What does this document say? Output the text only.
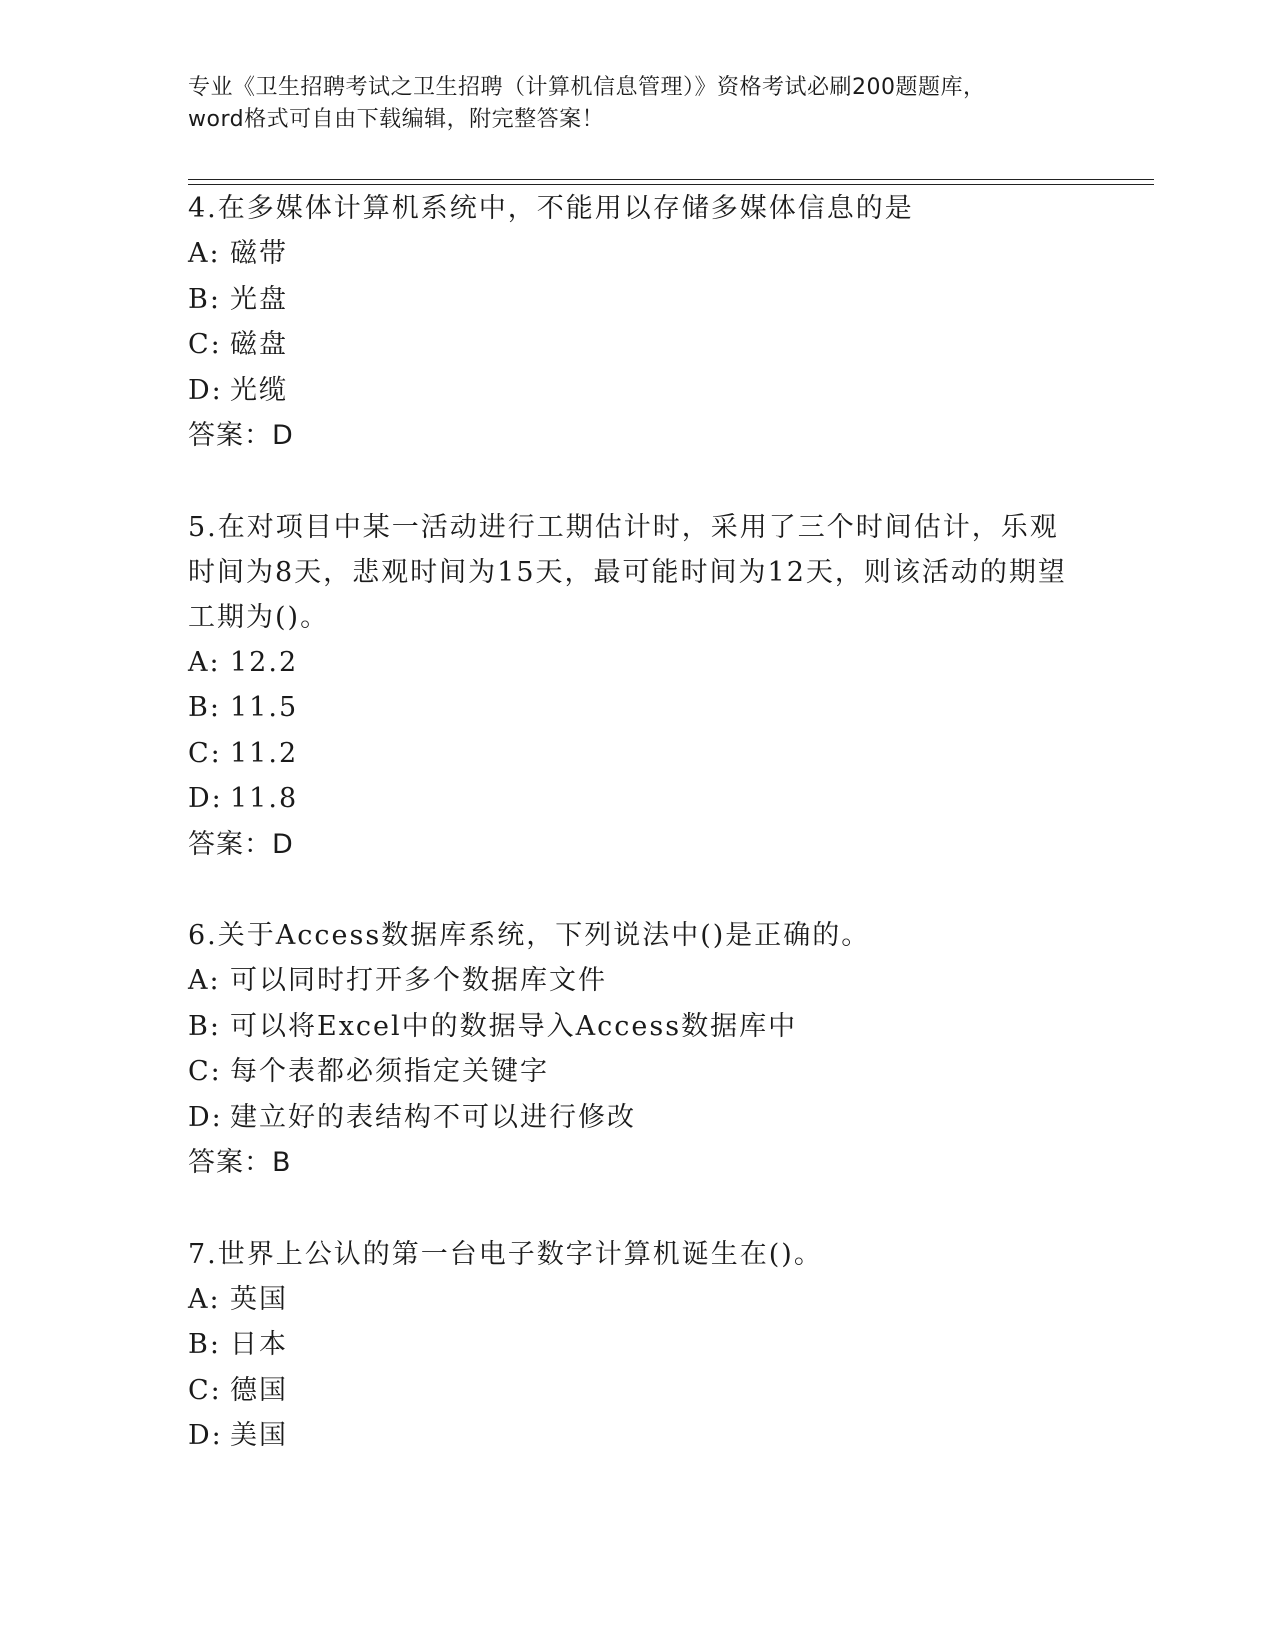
专业《卫生招聘考试之卫生招聘（计算机信息管理）》资格考试必刷200题题库，
word格式可自由下载编辑，附完整答案！
4.在多媒体计算机系统中，不能用以存储多媒体信息的是
A: 磁带
B: 光盘
C: 磁盘
D: 光缆
答案：D
5.在对项目中某一活动进行工期估计时，采用了三个时间估计，乐观时间为8天，悲观时间为15天，最可能时间为12天，则该活动的期望工期为()。
A: 12.2
B: 11.5
C: 11.2
D: 11.8
答案：D
6.关于Access数据库系统，下列说法中()是正确的。
A: 可以同时打开多个数据库文件
B: 可以将Excel中的数据导入Access数据库中
C: 每个表都必须指定关键字
D: 建立好的表结构不可以进行修改
答案：B
7.世界上公认的第一台电子数字计算机诞生在()。
A: 英国
B: 日本
C: 德国
D: 美国
